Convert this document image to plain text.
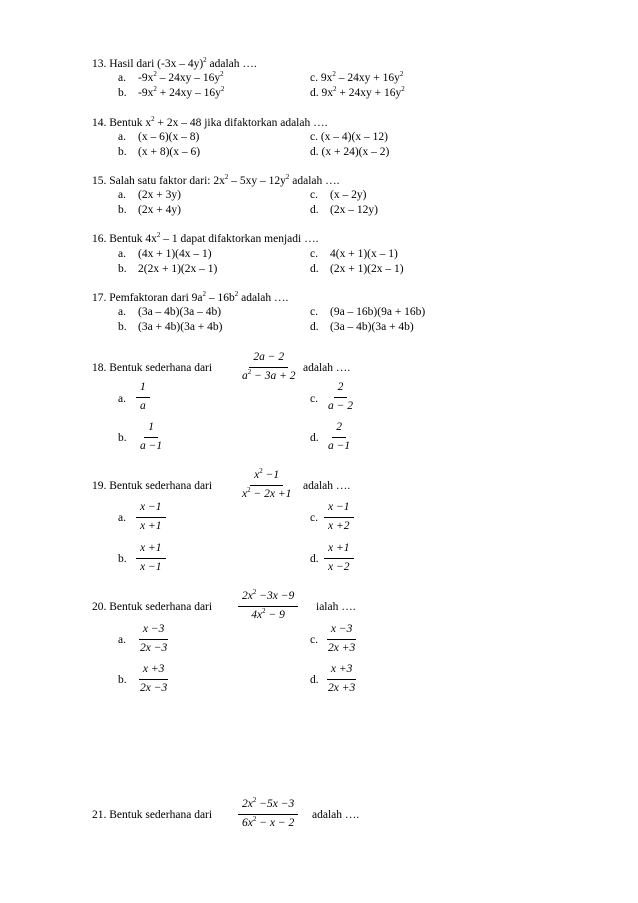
13. Hasil dari (-3x – 4y)$^2$ adalah ….
a. $-9x^2 - 24xy - 16y^2$
b. $-9x^2 + 24xy - 16y^2$
c. $9x^2 - 24xy + 16y^2$
d. $9x^2 + 24xy + 16y^2$
14. Bentuk $x^2 + 2x - 48$ jika difaktorkan adalah ….
a. (x – 6)(x – 8)
b. (x + 8)(x – 6)
c. (x – 4)(x – 12)
d. (x + 24)(x – 2)
15. Salah satu faktor dari: $2x^2 - 5xy - 12y^2$ adalah ….
a. (2x + 3y)
b. (2x + 4y)
c. (x – 2y)
d. (2x – 12y)
16. Bentuk $4x^2 - 1$ dapat difaktorkan menjadi ….
a. (4x + 1)(4x – 1)
b. 2(2x + 1)(2x – 1)
c. 4(x + 1)(x – 1)
d. (2x + 1)(2x – 1)
17. Pemfaktoran dari $9a^2 - 16b^2$ adalah ….
a. (3a – 4b)(3a – 4b)
b. (3a + 4b)(3a + 4b)
c. (9a – 16b)(9a + 16b)
d. (3a – 4b)(3a + 4b)
18. Bentuk sederhana dari $\frac{2a - 2}{a^2 - 3a + 2}$ adalah ….
a. $\frac{1}{a}$
b. $\frac{1}{a -1}$
c. $\frac{2}{a - 2}$
d. $\frac{2}{a -1}$
19. Bentuk sederhana dari $\frac{x^2 -1}{x^2 - 2x +1}$ adalah ….
a. $\frac{x -1}{x +1}$
b. $\frac{x +1}{x -1}$
c. $\frac{x -1}{x +2}$
d. $\frac{x +1}{x -2}$
20. Bentuk sederhana dari $\frac{2x^2 -3x -9}{4x^2 - 9}$ ialah ….
a. $\frac{x -3}{2x -3}$
b. $\frac{x +3}{2x -3}$
c. $\frac{x -3}{2x +3}$
d. $\frac{x +3}{2x +3}$
21. Bentuk sederhana dari $\frac{2x^2 -5x -3}{6x^2 - x - 2}$ adalah ….
